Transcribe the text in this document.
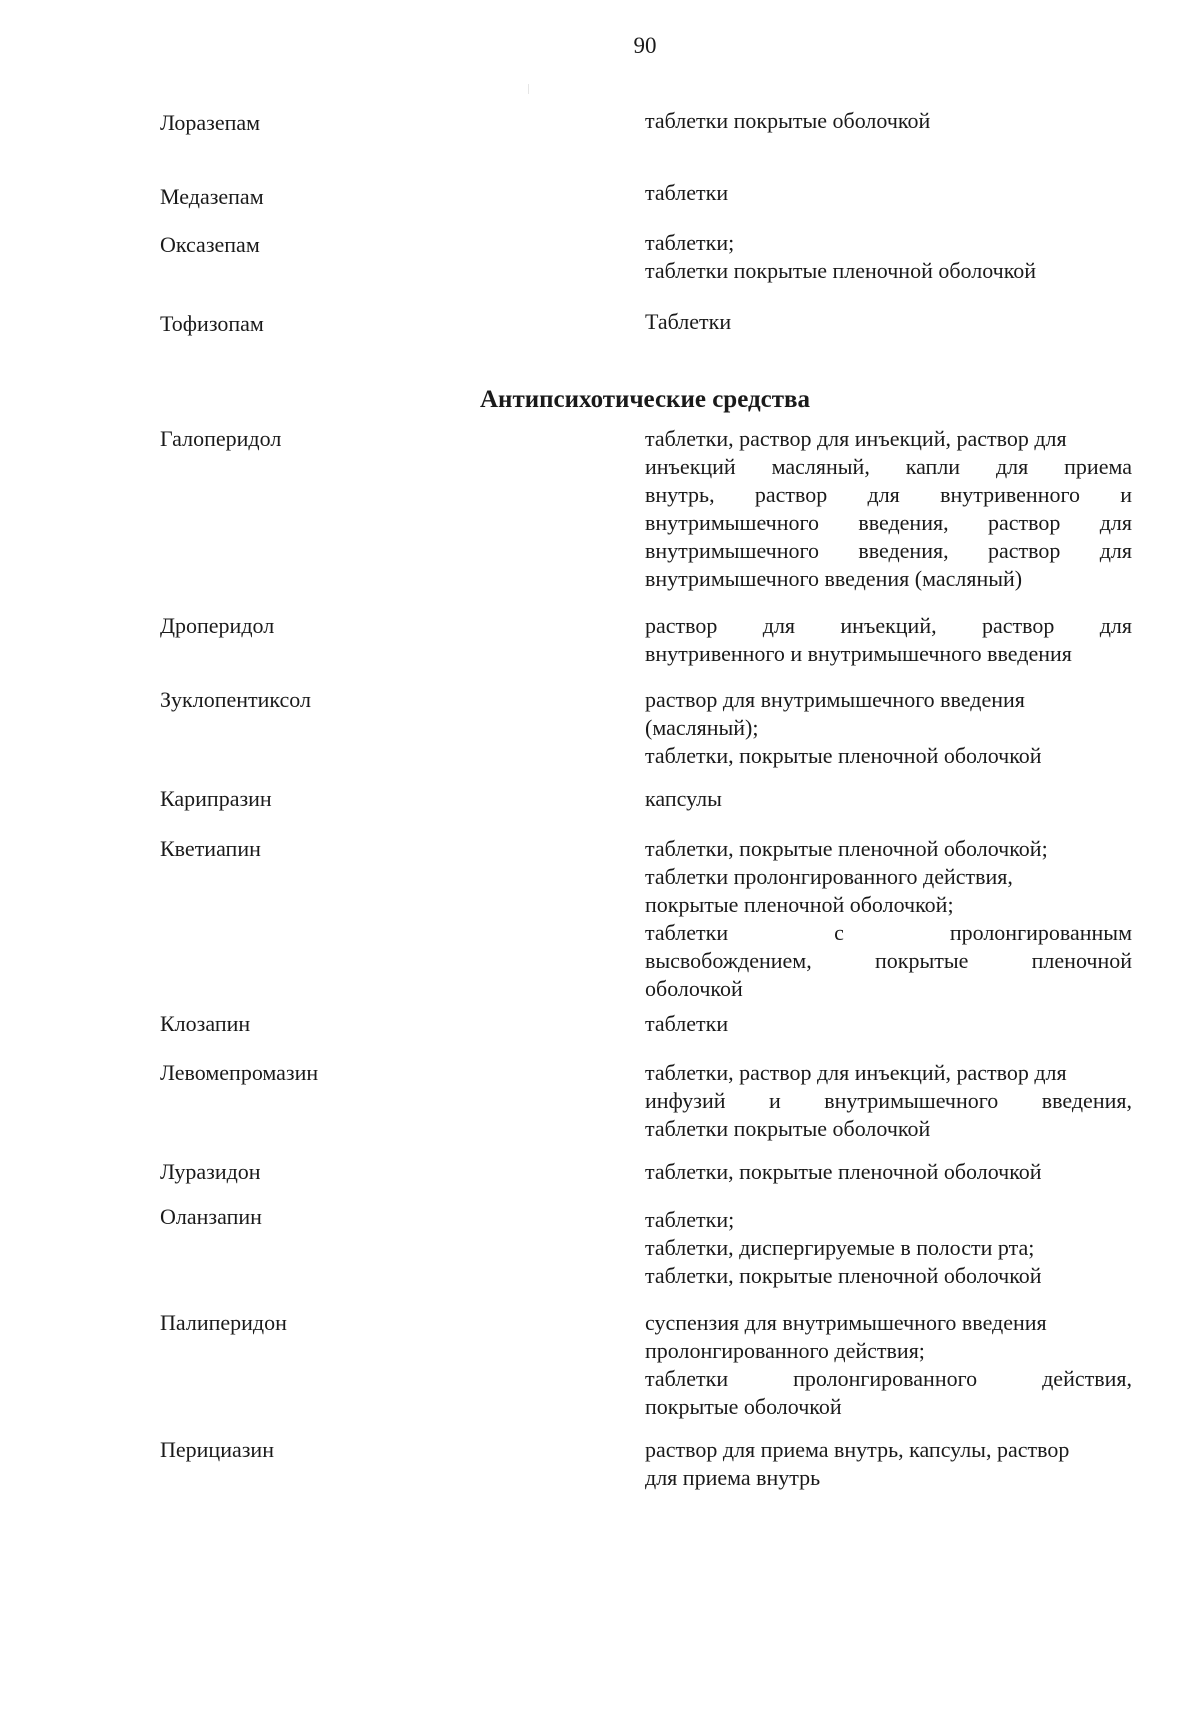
90
Антипсихотические средства
Лоразепам	таблетки покрытые оболочкой
Медазепам	таблетки
Оксазепам	таблетки;
таблетки покрытые пленочной оболочкой
Тофизопам	Таблетки
Галоперидол	таблетки, раствор для инъекций, раствор для
инъекций масляный, капли для приема
внутрь, раствор для внутривенного и
внутримышечного введения, раствор для
внутримышечного введения, раствор для
внутримышечного введения (масляный)
Дроперидол	раствор для инъекций, раствор для
внутривенного и внутримышечного введения
Зуклопентиксол	раствор для внутримышечного введения
(масляный);
таблетки, покрытые пленочной оболочкой
Карипразин	капсулы
Кветиапин	таблетки, покрытые пленочной оболочкой;
таблетки пролонгированного действия,
покрытые пленочной оболочкой;
таблетки с пролонгированным
высвобождением, покрытые пленочной
оболочкой
Клозапин	таблетки
Левомепромазин	таблетки, раствор для инъекций, раствор для
инфузий и внутримышечного введения,
таблетки покрытые оболочкой
Луразидон	таблетки, покрытые пленочной оболочкой
Оланзапин	таблетки;
таблетки, диспергируемые в полости рта;
таблетки, покрытые пленочной оболочкой
Палиперидон	суспензия для внутримышечного введения
пролонгированного действия;
таблетки пролонгированного действия,
покрытые оболочкой
Перициазин	раствор для приема внутрь, капсулы, раствор
для приема внутрь
